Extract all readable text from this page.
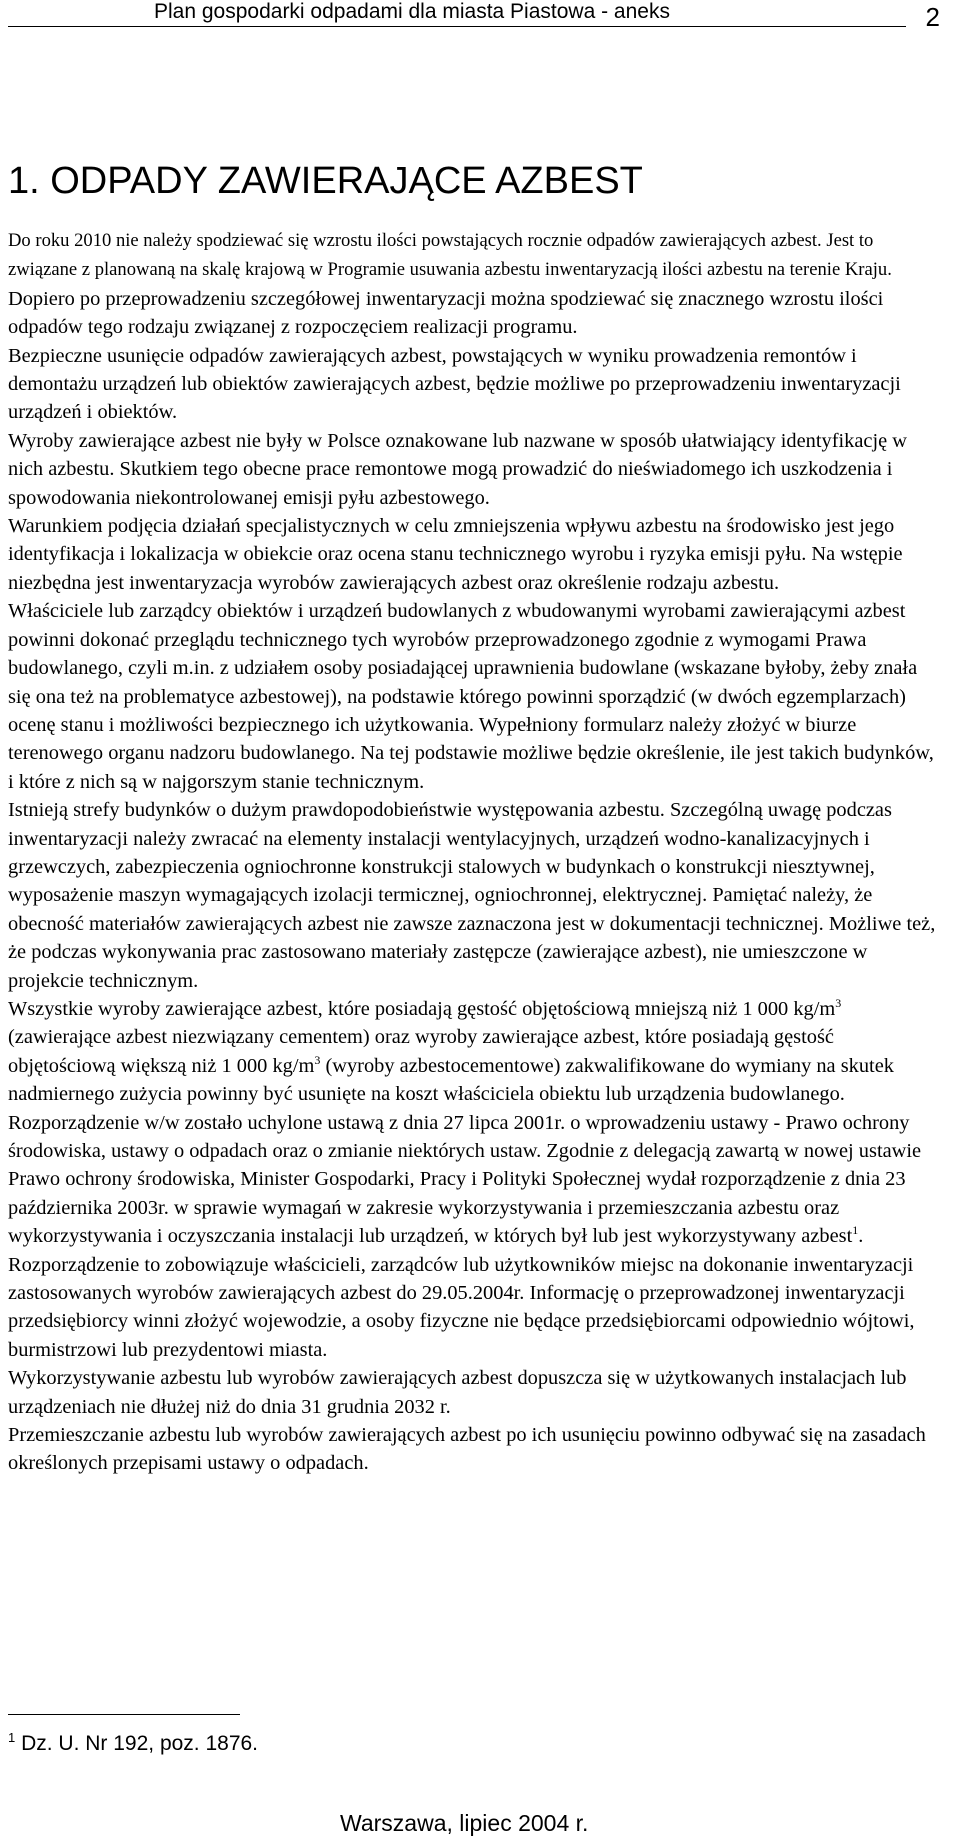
Plan gospodarki odpadami dla miasta Piastowa - aneks	2
1. ODPADY ZAWIERAJĄCE AZBEST

Do roku 2010 nie należy spodziewać się wzrostu ilości powstających rocznie odpadów zawierających azbest. Jest to związane z planowaną na skalę krajową w Programie usuwania azbestu inwentaryzacją ilości azbestu na terenie Kraju. Dopiero po przeprowadzeniu szczegółowej inwentaryzacji można spodziewać się znacznego wzrostu ilości odpadów tego rodzaju związanej z rozpoczęciem realizacji programu.

Bezpieczne usunięcie odpadów zawierających azbest, powstających w wyniku prowadzenia remontów i demontażu urządzeń lub obiektów zawierających azbest, będzie możliwe po przeprowadzeniu inwentaryzacji urządzeń i obiektów.

Wyroby zawierające azbest nie były w Polsce oznakowane lub nazwane w sposób ułatwiający identyfikację w nich azbestu. Skutkiem tego obecne prace remontowe mogą prowadzić do nieświadomego ich uszkodzenia i spowodowania niekontrolowanej emisji pyłu azbestowego.

Warunkiem podjęcia działań specjalistycznych w celu zmniejszenia wpływu azbestu na środowisko jest jego identyfikacja i lokalizacja w obiekcie oraz ocena stanu technicznego wyrobu i ryzyka emisji pyłu. Na wstępie niezbędna jest inwentaryzacja wyrobów zawierających azbest oraz określenie rodzaju azbestu.

Właściciele lub zarządcy obiektów i urządzeń budowlanych z wbudowanymi wyrobami zawierającymi azbest powinni dokonać przeglądu technicznego tych wyrobów przeprowadzonego zgodnie z wymogami Prawa budowlanego, czyli m.in. z udziałem osoby posiadającej uprawnienia budowlane (wskazane byłoby, żeby znała się ona też na problematyce azbestowej), na podstawie którego powinni sporządzić (w dwóch egzemplarzach) ocenę stanu i możliwości bezpiecznego ich użytkowania. Wypełniony formularz należy złożyć w biurze terenowego organu nadzoru budowlanego. Na tej podstawie możliwe będzie określenie, ile jest takich budynków, i które z nich są w najgorszym stanie technicznym.

Istnieją strefy budynków o dużym prawdopodobieństwie występowania azbestu. Szczególną uwagę podczas inwentaryzacji należy zwracać na elementy instalacji wentylacyjnych, urządzeń wodno-kanalizacyjnych i grzewczych, zabezpieczenia ogniochronne konstrukcji stalowych w budynkach o konstrukcji niesztywnej, wyposażenie maszyn wymagających izolacji termicznej, ogniochronnej, elektrycznej. Pamiętać należy, że obecność materiałów zawierających azbest nie zawsze zaznaczona jest w dokumentacji technicznej. Możliwe też, że podczas wykonywania prac zastosowano materiały zastępcze (zawierające azbest), nie umieszczone w projekcie technicznym.

Wszystkie wyroby zawierające azbest, które posiadają gęstość objętościową mniejszą niż 1 000 $kg/m^3$ (zawierające azbest niezwiązany cementem) oraz wyroby zawierające azbest, które posiadają gęstość objętościową większą niż 1 000 $kg/m^3$ (wyroby azbestocementowe) zakwalifikowane do wymiany na skutek nadmiernego zużycia powinny być usunięte na koszt właściciela obiektu lub urządzenia budowlanego.

Rozporządzenie w/w zostało uchylone ustawą z dnia 27 lipca 2001r. o wprowadzeniu ustawy - Prawo ochrony środowiska, ustawy o odpadach oraz o zmianie niektórych ustaw. Zgodnie z delegacją zawartą w nowej ustawie Prawo ochrony środowiska, Minister Gospodarki, Pracy i Polityki Społecznej wydał rozporządzenie z dnia 23 października 2003r. w sprawie wymagań w zakresie wykorzystywania i przemieszczania azbestu oraz wykorzystywania i oczyszczania instalacji lub urządzeń, w których był lub jest wykorzystywany azbest$^1$. Rozporządzenie to zobowiązuje właścicieli, zarządców lub użytkowników miejsc na dokonanie inwentaryzacji zastosowanych wyrobów zawierających azbest do 29.05.2004r. Informację o przeprowadzonej inwentaryzacji przedsiębiorcy winni złożyć wojewodzie, a osoby fizyczne nie będące przedsiębiorcami odpowiednio wójtowi, burmistrzowi lub prezydentowi miasta.

Wykorzystywanie azbestu lub wyrobów zawierających azbest dopuszcza się w użytkowanych instalacjach lub urządzeniach nie dłużej niż do dnia 31 grudnia 2032 r.

Przemieszczanie azbestu lub wyrobów zawierających azbest po ich usunięciu powinno odbywać się na zasadach określonych przepisami ustawy o odpadach.

$^1$ Dz. U. Nr 192, poz. 1876.
Warszawa, lipiec 2004 r.
